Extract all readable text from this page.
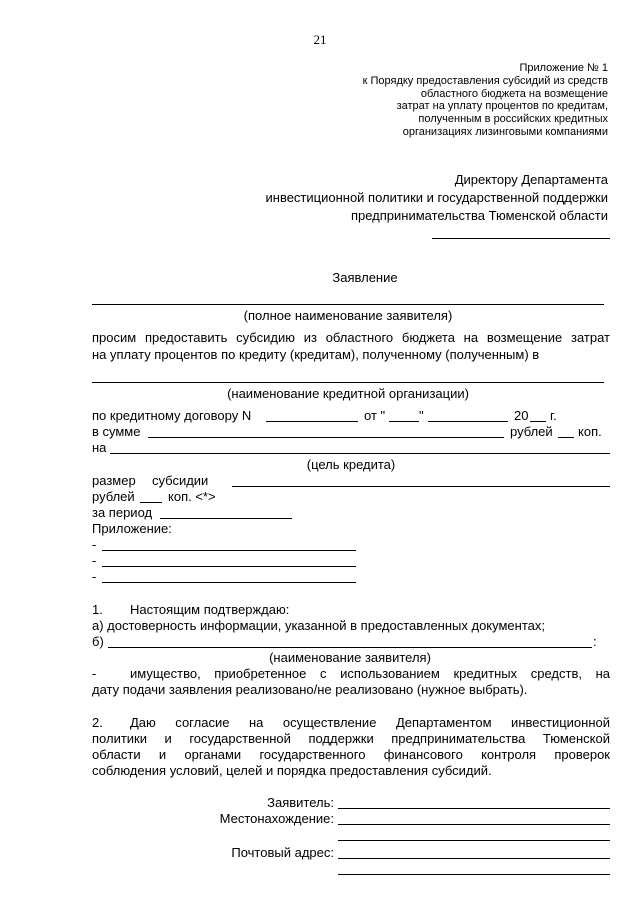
21
Приложение № 1
к Порядку предоставления субсидий из средств
областного бюджета на возмещение
затрат на уплату процентов по кредитам,
полученным в российских кредитных
организациях лизинговыми компаниями
Директору Департамента
инвестиционной политики и государственной поддержки
предпринимательства Тюменской области
Заявление
(полное наименование заявителя)
просим предоставить субсидию из областного бюджета на возмещение затрат
на уплату процентов по кредиту (кредитам), полученному (полученным) в
(наименование кредитной организации)
по кредитному договору N	от "	"	20 г.
в сумме	рублей коп.
на
(цель кредита)
размер субсидии
рублей	коп. <*>
за период
Приложение:
-
-
-
1. Настоящим подтверждаю:
а) достоверность информации, указанной в предоставленных документах;
б)	:
(наименование заявителя)
-	имущество, приобретенное с использованием кредитных средств, на
дату подачи заявления реализовано/не реализовано (нужное выбрать).
2. Даю согласие на осуществление Департаментом инвестиционной
политики и государственной поддержки предпринимательства Тюменской
области и органами государственного финансового контроля проверок
соблюдения условий, целей и порядка предоставления субсидий.
Заявитель:
Местонахождение:
Почтовый адрес:
